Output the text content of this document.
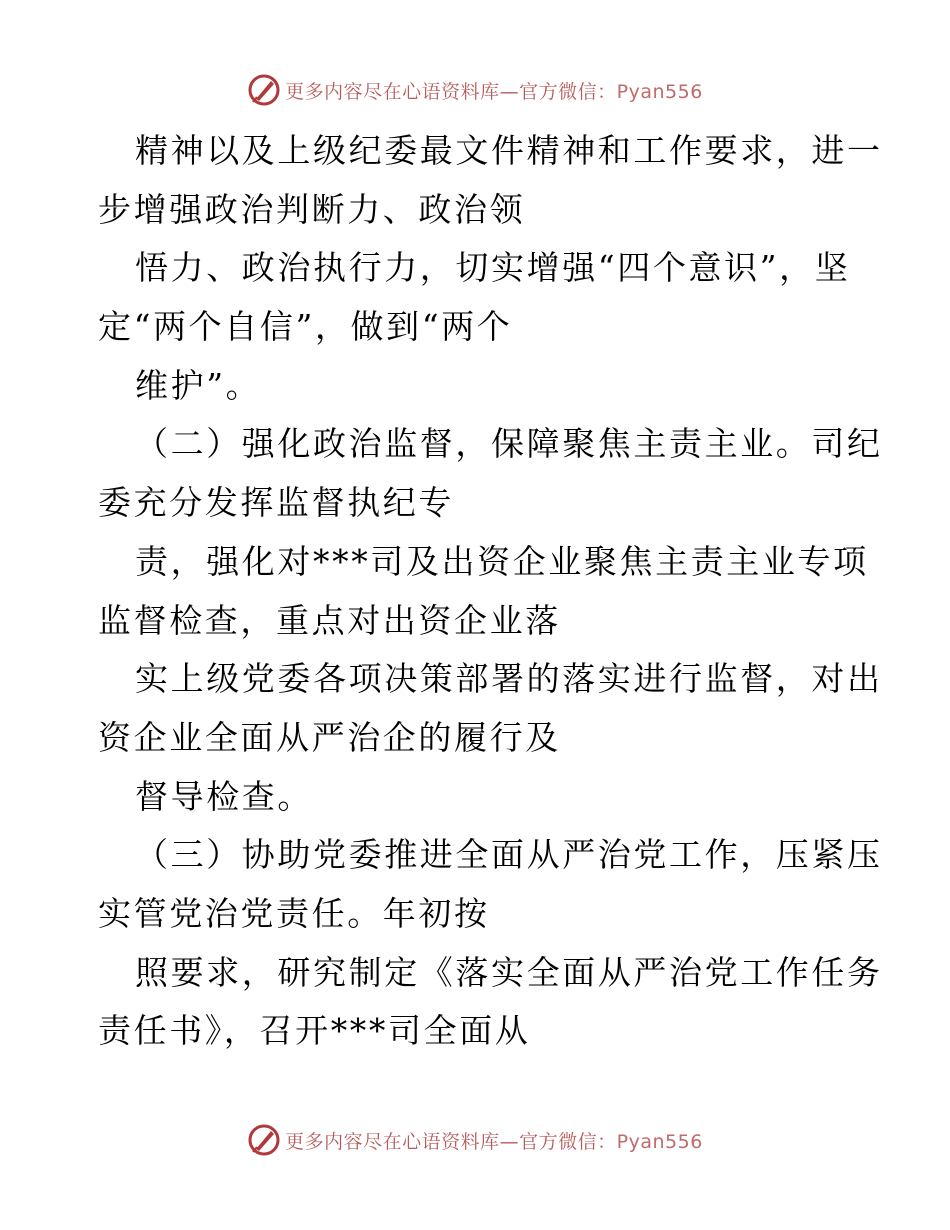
更多内容尽在心语资料库—官方微信：Pyan556
精神以及上级纪委最文件精神和工作要求，进一
步增强政治判断力、政治领
悟力、政治执行力，切实增强“四个意识”，坚
定“两个自信”，做到“两个
维护”。
（二）强化政治监督，保障聚焦主责主业。司纪
委充分发挥监督执纪专
责，强化对***司及出资企业聚焦主责主业专项
监督检查，重点对出资企业落
实上级党委各项决策部署的落实进行监督，对出
资企业全面从严治企的履行及
督导检查。
（三）协助党委推进全面从严治党工作，压紧压
实管党治党责任。年初按
照要求，研究制定《落实全面从严治党工作任务
责任书》，召开***司全面从
更多内容尽在心语资料库—官方微信：Pyan556
